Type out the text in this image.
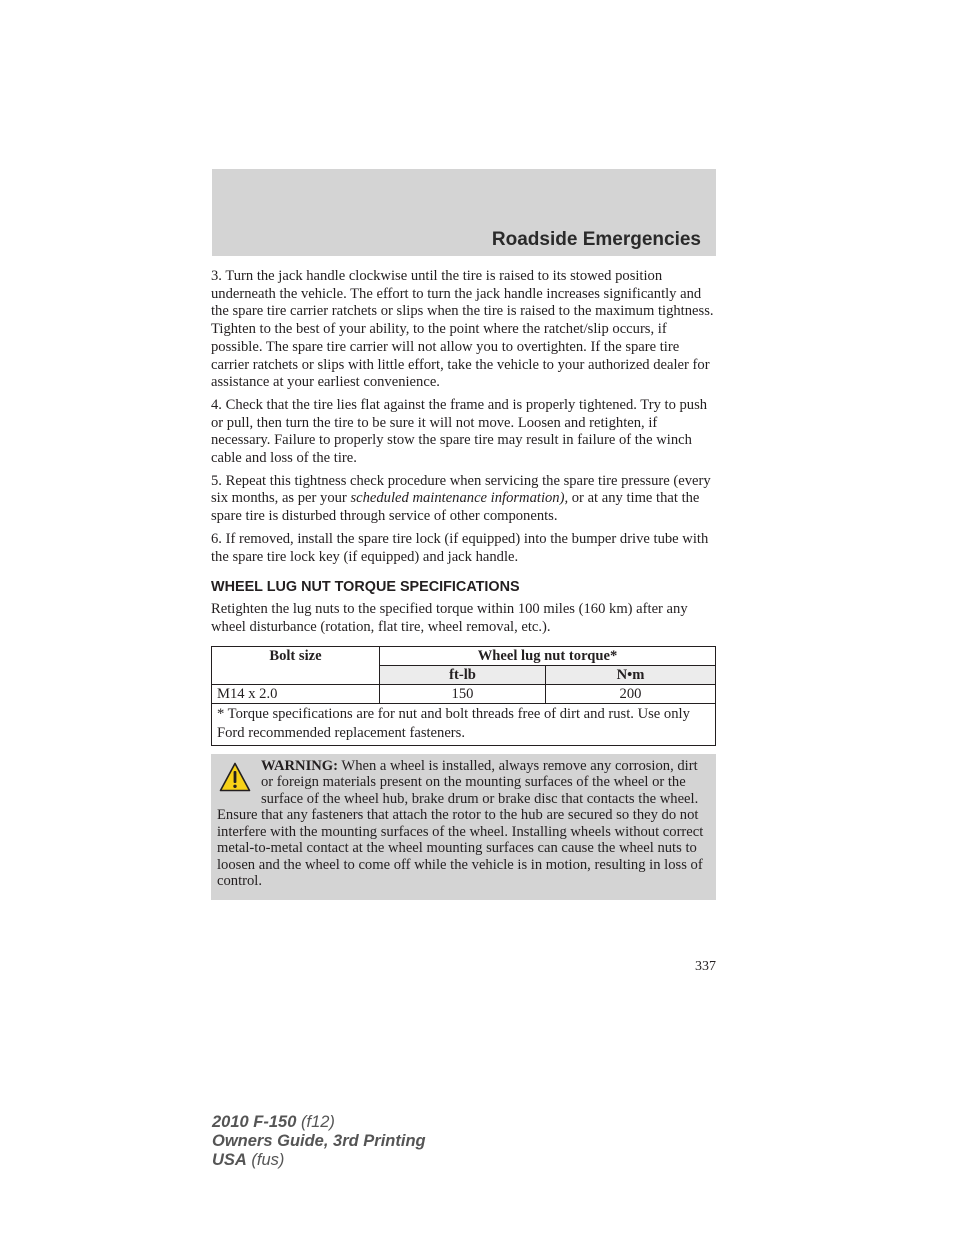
Roadside Emergencies

3. Turn the jack handle clockwise until the tire is raised to its stowed position underneath the vehicle. The effort to turn the jack handle increases significantly and the spare tire carrier ratchets or slips when the tire is raised to the maximum tightness. Tighten to the best of your ability, to the point where the ratchet/slip occurs, if possible. The spare tire carrier will not allow you to overtighten. If the spare tire carrier ratchets or slips with little effort, take the vehicle to your authorized dealer for assistance at your earliest convenience.

4. Check that the tire lies flat against the frame and is properly tightened. Try to push or pull, then turn the tire to be sure it will not move. Loosen and retighten, if necessary. Failure to properly stow the spare tire may result in failure of the winch cable and loss of the tire.

5. Repeat this tightness check procedure when servicing the spare tire pressure (every six months, as per your scheduled maintenance information), or at any time that the spare tire is disturbed through service of other components.

6. If removed, install the spare tire lock (if equipped) into the bumper drive tube with the spare tire lock key (if equipped) and jack handle.

WHEEL LUG NUT TORQUE SPECIFICATIONS

Retighten the lug nuts to the specified torque within 100 miles (160 km) after any wheel disturbance (rotation, flat tire, wheel removal, etc.).

Bolt size	Wheel lug nut torque*	
	ft-lb	N•m
M14 x 2.0	150	200
* Torque specifications are for nut and bolt threads free of dirt and rust. Use only Ford recommended replacement fasteners.		
WARNING: When a wheel is installed, always remove any corrosion, dirt or foreign materials present on the mounting surfaces of the wheel or the surface of the wheel hub, brake drum or brake disc that contacts the wheel. Ensure that any fasteners that attach the rotor to the hub are secured so they do not interfere with the mounting surfaces of the wheel. Installing wheels without correct metal-to-metal contact at the wheel mounting surfaces can cause the wheel nuts to loosen and the wheel to come off while the vehicle is in motion, resulting in loss of control.
337
2010 F-150 (f12)
Owners Guide, 3rd Printing
USA (fus)
